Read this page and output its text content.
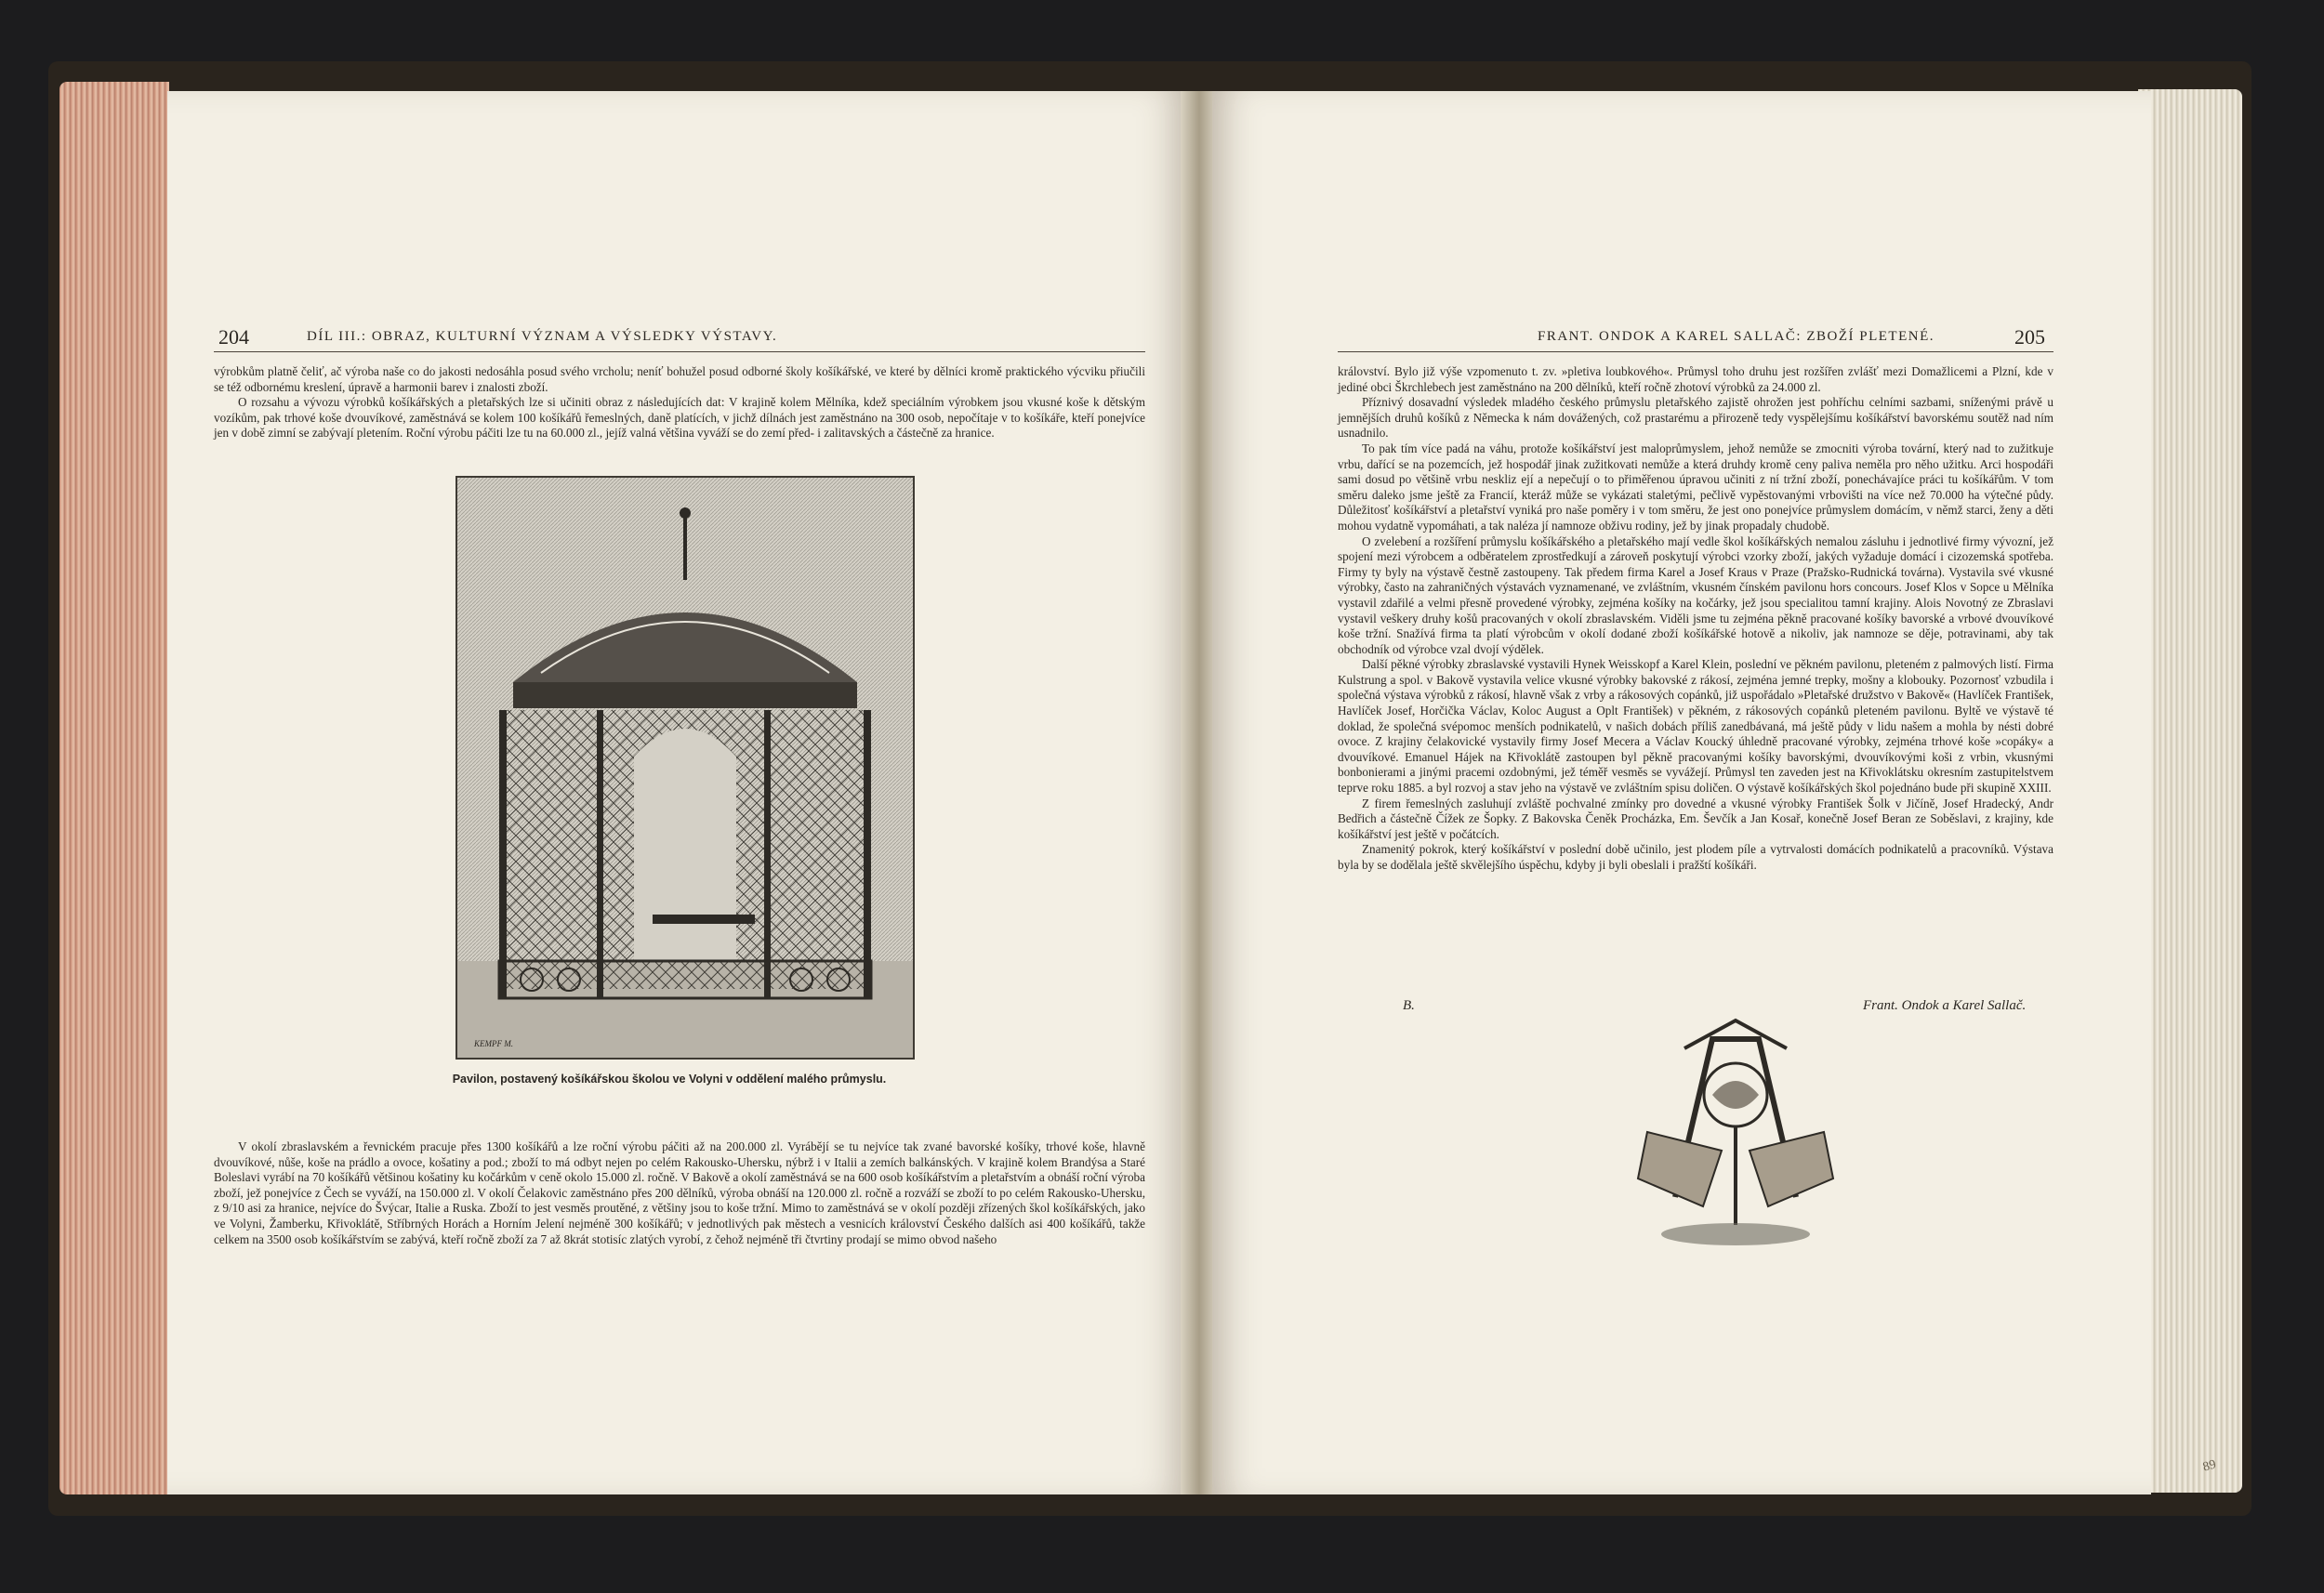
204	DÍL III.: OBRAZ, KULTURNÍ VÝZNAM A VÝSLEDKY VÝSTAVY.

výrobkům platně čeliť, ač výroba naše co do jakosti nedosáhla posud svého vrcholu; neníť bohužel posud odborné školy košíkářské, ve které by dělníci kromě praktického výcviku přiučili se též odbornému kreslení, úpravě a harmonii barev i znalosti zboží.

O rozsahu a vývozu výrobků košíkářských a pletařských lze si učiniti obraz z následujících dat: V krajině kolem Mělníka, kdež speciálním výrobkem jsou vkusné koše k dětským vozíkům, pak trhové koše dvouvíkové, zaměstnává se kolem 100 košíkářů řemeslných, daně platících, v jichž dílnách jest zaměstnáno na 300 osob, nepočítaje v to košíkáře, kteří ponejvíce jen v době zimní se zabývají pletením. Roční výrobu páčiti lze tu na 60.000 zl., jejíž valná většina vyváží se do zemí před- i zalitavských a částečně za hranice.

KEMPF M.
Pavilon, postavený košíkářskou školou ve Volyni v oddělení malého průmyslu.

V okolí zbraslavském a řevnickém pracuje přes 1300 košíkářů a lze roční výrobu páčiti až na 200.000 zl. Vyrábějí se tu nejvíce tak zvané bavorské košíky, trhové koše, hlavně dvouvíkové, nůše, koše na prádlo a ovoce, košatiny a pod.; zboží to má odbyt nejen po celém Rakousko-Uhersku, nýbrž i v Italii a zemích balkánských. V krajině kolem Brandýsa a Staré Boleslavi vyrábí na 70 košíkářů většinou košatiny ku kočárkům v ceně okolo 15.000 zl. ročně. V Bakově a okolí zaměstnává se na 600 osob košíkářstvím a pletařstvím a obnáší roční výroba zboží, jež ponejvíce z Čech se vyváží, na 150.000 zl. V okolí Čelakovic zaměstnáno přes 200 dělníků, výroba obnáší na 120.000 zl. ročně a rozváží se zboží to po celém Rakousko-Uhersku, z 9/10 asi za hranice, nejvíce do Švýcar, Italie a Ruska. Zboží to jest vesměs proutěné, z většiny jsou to koše tržní. Mimo to zaměstnává se v okolí později zřízených škol košíkářských, jako ve Volyni, Žamberku, Křivoklátě, Stříbrných Horách a Horním Jelení nejméně 300 košíkářů; v jednotlivých pak městech a vesnicích království Českého dalších asi 400 košíkářů, takže celkem na 3500 osob košíkářstvím se zabývá, kteří ročně zboží za 7 až 8krát stotisíc zlatých vyrobí, z čehož nejméně tři čtvrtiny prodají se mimo obvod našeho

FRANT. ONDOK A KAREL SALLAČ: ZBOŽÍ PLETENÉ.	205

království. Bylo již výše vzpomenuto t. zv. »pletiva loubkového«. Průmysl toho druhu jest rozšířen zvlášť mezi Domažlicemi a Plzní, kde v jediné obci Škrchlebech jest zaměstnáno na 200 dělníků, kteří ročně zhotoví výrobků za 24.000 zl.

Příznivý dosavadní výsledek mladého českého průmyslu pletařského zajistě ohrožen jest pohříchu celními sazbami, sníženými právě u jemnějších druhů košíků z Německa k nám dovážených, což prastarému a přirozeně tedy vyspělejšímu košíkářství bavorskému soutěž nad ním usnadnilo.

To pak tím více padá na váhu, protože košíkářství jest maloprůmyslem, jehož nemůže se zmocniti výroba tovární, který nad to zužitkuje vrbu, dařící se na pozemcích, jež hospodář jinak zužitkovati nemůže a která druhdy kromě ceny paliva neměla pro něho užitku. Arci hospodáři sami dosud po většině vrbu neskliz ejí a nepečují o to přiměřenou úpravou učiniti z ní tržní zboží, ponechávajíce práci tu košíkářům. V tom směru daleko jsme ještě za Francií, kteráž může se vykázati staletými, pečlivě vypěstovanými vrbovišti na více než 70.000 ha výtečné půdy. Důležitosť košíkářství a pletařství vyniká pro naše poměry i v tom směru, že jest ono ponejvíce průmyslem domácím, v němž starci, ženy a děti mohou vydatně vypomáhati, a tak naléza jí namnoze obživu rodiny, jež by jinak propadaly chudobě.

O zvelebení a rozšíření průmyslu košíkářského a pletařského mají vedle škol košíkářských nemalou zásluhu i jednotlivé firmy vývozní, jež spojení mezi výrobcem a odběratelem zprostředkují a zároveň poskytují výrobci vzorky zboží, jakých vyžaduje domácí i cizozemská spotřeba. Firmy ty byly na výstavě čestně zastoupeny. Tak předem firma Karel a Josef Kraus v Praze (Pražsko-Rudnická továrna). Vystavila své vkusné výrobky, často na zahraničných výstavách vyznamenané, ve zvláštním, vkusném čínském pavilonu hors concours. Josef Klos v Sopce u Mělníka vystavil zdařilé a velmi přesně provedené výrobky, zejména košíky na kočárky, jež jsou specialitou tamní krajiny. Alois Novotný ze Zbraslavi vystavil veškery druhy košů pracovaných v okolí zbraslavském. Viděli jsme tu zejména pěkně pracované košíky bavorské a vrbové dvouvíkové koše tržní. Snažívá firma ta platí výrobcům v okolí dodané zboží košíkářské hotově a nikoliv, jak namnoze se děje, potravinami, aby tak obchodník od výrobce vzal dvojí výdělek.

Další pěkné výrobky zbraslavské vystavili Hynek Weisskopf a Karel Klein, poslední ve pěkném pavilonu, pleteném z palmových listí. Firma Kulstrung a spol. v Bakově vystavila velice vkusné výrobky bakovské z rákosí, zejména jemné trepky, mošny a klobouky. Pozornosť vzbudila i společná výstava výrobků z rákosí, hlavně však z vrby a rákosových copánků, již uspořádalo »Pletařské družstvo v Bakově« (Havlíček František, Havlíček Josef, Horčička Václav, Koloc August a Oplt František) v pěkném, z rákosových copánků pleteném pavilonu. Byltě ve výstavě té doklad, že společná svépomoc menších podnikatelů, v našich dobách příliš zanedbávaná, má ještě půdy v lidu našem a mohla by nésti dobré ovoce. Z krajiny čelakovické vystavily firmy Josef Mecera a Václav Koucký úhledně pracované výrobky, zejména trhové koše »copáky« a dvouvíkové. Emanuel Hájek na Křivoklátě zastoupen byl pěkně pracovanými košíky bavorskými, dvouvíkovými koši z vrbin, vkusnými bonbonierami a jinými pracemi ozdobnými, jež téměř vesměs se vyvážejí. Průmysl ten zaveden jest na Křivoklátsku okresním zastupitelstvem teprve roku 1885. a byl rozvoj a stav jeho na výstavě ve zvláštním spisu doličen. O výstavě košíkářských škol pojednáno bude při skupině XXIII.

Z firem řemeslných zasluhují zvláště pochvalné zmínky pro dovedné a vkusné výrobky František Šolk v Jičíně, Josef Hradecký, Andr Bedřich a částečně Čížek ze Šopky. Z Bakovska Čeněk Procházka, Em. Ševčík a Jan Kosař, konečně Josef Beran ze Soběslavi, z krajiny, kde košíkářství jest ještě v počátcích.

Znamenitý pokrok, který košíkářství v poslední době učinilo, jest plodem píle a vytrvalosti domácích podnikatelů a pracovníků. Výstava byla by se dodělala ještě skvělejšího úspěchu, kdyby ji byli obeslali i pražští košíkáři.

B.	Frant. Ondok a Karel Sallač.
89
